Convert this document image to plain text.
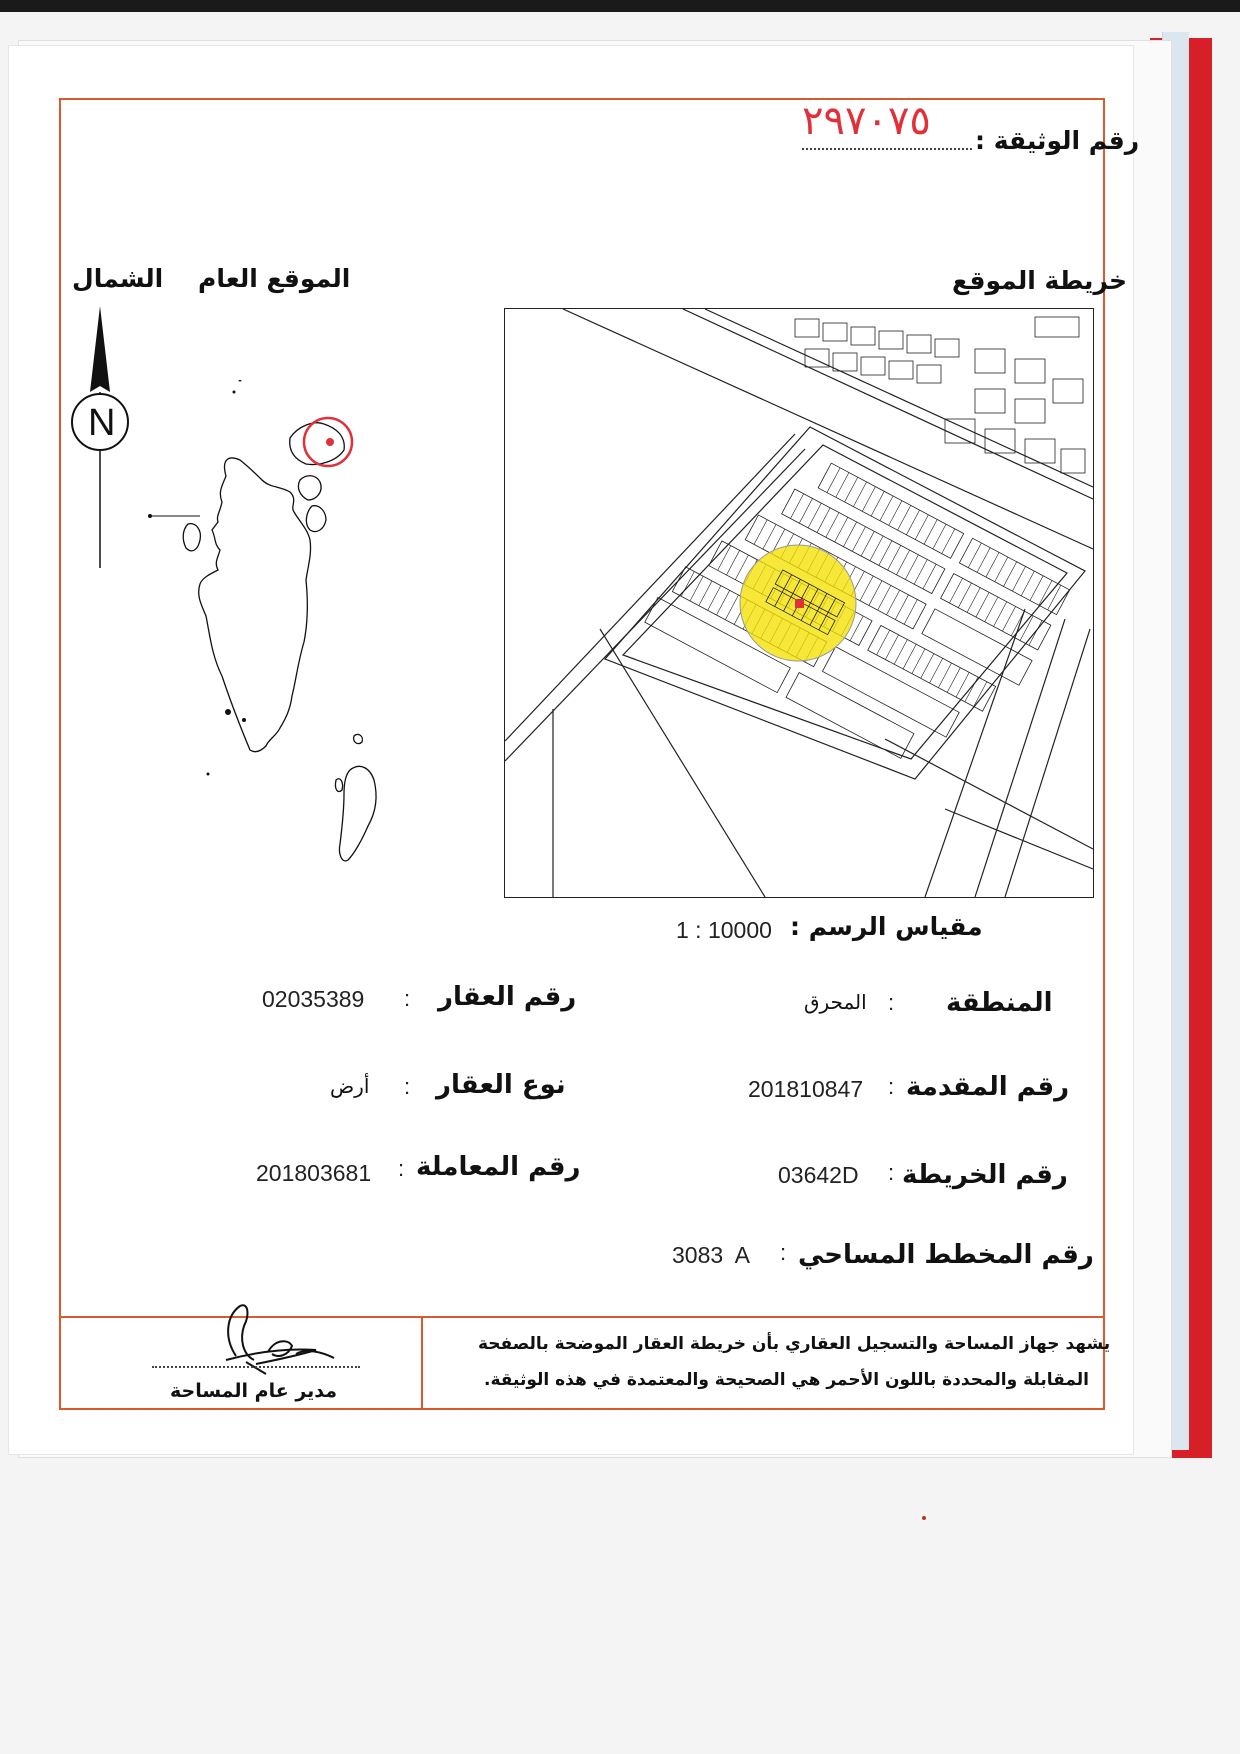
رقم الوثيقة :
٢٩٧٠٧٥
خريطة الموقع
الموقع العام
الشمال
N
مقياس الرسم :
1 : 10000
المنطقة
:
المحرق
رقم المقدمة
:
201810847
رقم الخريطة
:
03642D
رقم المخطط المساحي
:
3083  A
رقم العقار
:
02035389
نوع العقار
:
أرض
رقم المعاملة
:
201803681
يشهد جهاز المساحة والتسجيل العقاري بأن خريطة العقار الموضحة بالصفحة
المقابلة والمحددة باللون الأحمر هي الصحيحة والمعتمدة في هذه الوثيقة.
مدير عام المساحة
